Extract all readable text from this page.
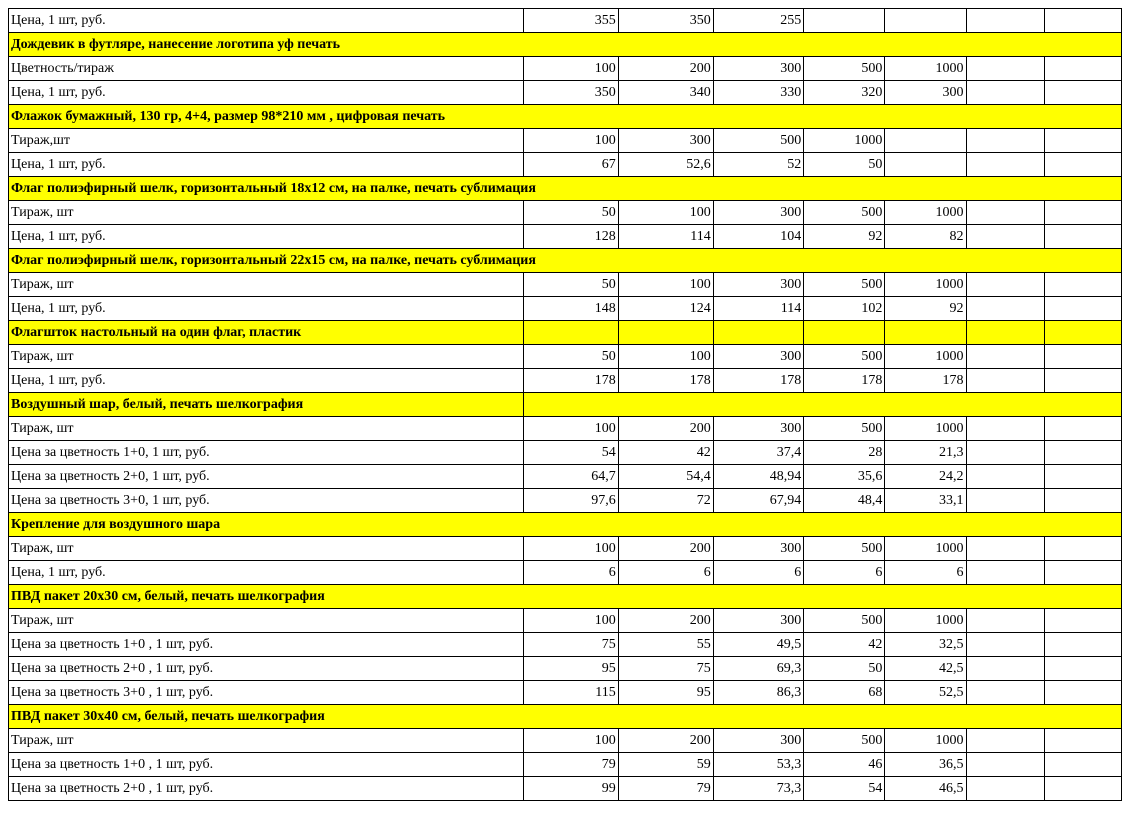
Цена, 1 шт, руб.	355	350	255				
Дождевик в футляре, нанесение логотипа уф печать							
Цветность/тираж	100	200	300	500	1000		
Цена, 1 шт, руб.	350	340	330	320	300		
Флажок бумажный, 130 гр, 4+4, размер 98*210 мм , цифровая печать							
Тираж,шт	100	300	500	1000			
Цена, 1 шт, руб.	67	52,6	52	50			
Флаг полиэфирный шелк, горизонтальный 18х12 см, на палке, печать сублимация							
Тираж, шт	50	100	300	500	1000		
Цена, 1 шт, руб.	128	114	104	92	82		
Флаг полиэфирный шелк, горизонтальный 22х15 см, на палке, печать сублимация							
Тираж, шт	50	100	300	500	1000		
Цена, 1 шт, руб.	148	124	114	102	92		
Флагшток настольный на один флаг, пластик							
Тираж, шт	50	100	300	500	1000		
Цена, 1 шт, руб.	178	178	178	178	178		
Воздушный шар, белый, печать шелкография							
Тираж, шт	100	200	300	500	1000		
Цена за цветность 1+0, 1 шт, руб.	54	42	37,4	28	21,3		
Цена за цветность 2+0, 1 шт, руб.	64,7	54,4	48,94	35,6	24,2		
Цена за цветность 3+0, 1 шт, руб.	97,6	72	67,94	48,4	33,1		
Крепление для воздушного шара							
Тираж, шт	100	200	300	500	1000		
Цена, 1 шт, руб.	6	6	6	6	6		
ПВД пакет 20х30 см, белый, печать шелкография							
Тираж, шт	100	200	300	500	1000		
Цена за цветность 1+0 , 1 шт, руб.	75	55	49,5	42	32,5		
Цена за цветность 2+0 , 1 шт, руб.	95	75	69,3	50	42,5		
Цена за цветность 3+0 , 1 шт, руб.	115	95	86,3	68	52,5		
ПВД пакет 30х40 см, белый, печать шелкография							
Тираж, шт	100	200	300	500	1000		
Цена за цветность 1+0 , 1 шт, руб.	79	59	53,3	46	36,5		
Цена за цветность 2+0 , 1 шт, руб.	99	79	73,3	54	46,5		
